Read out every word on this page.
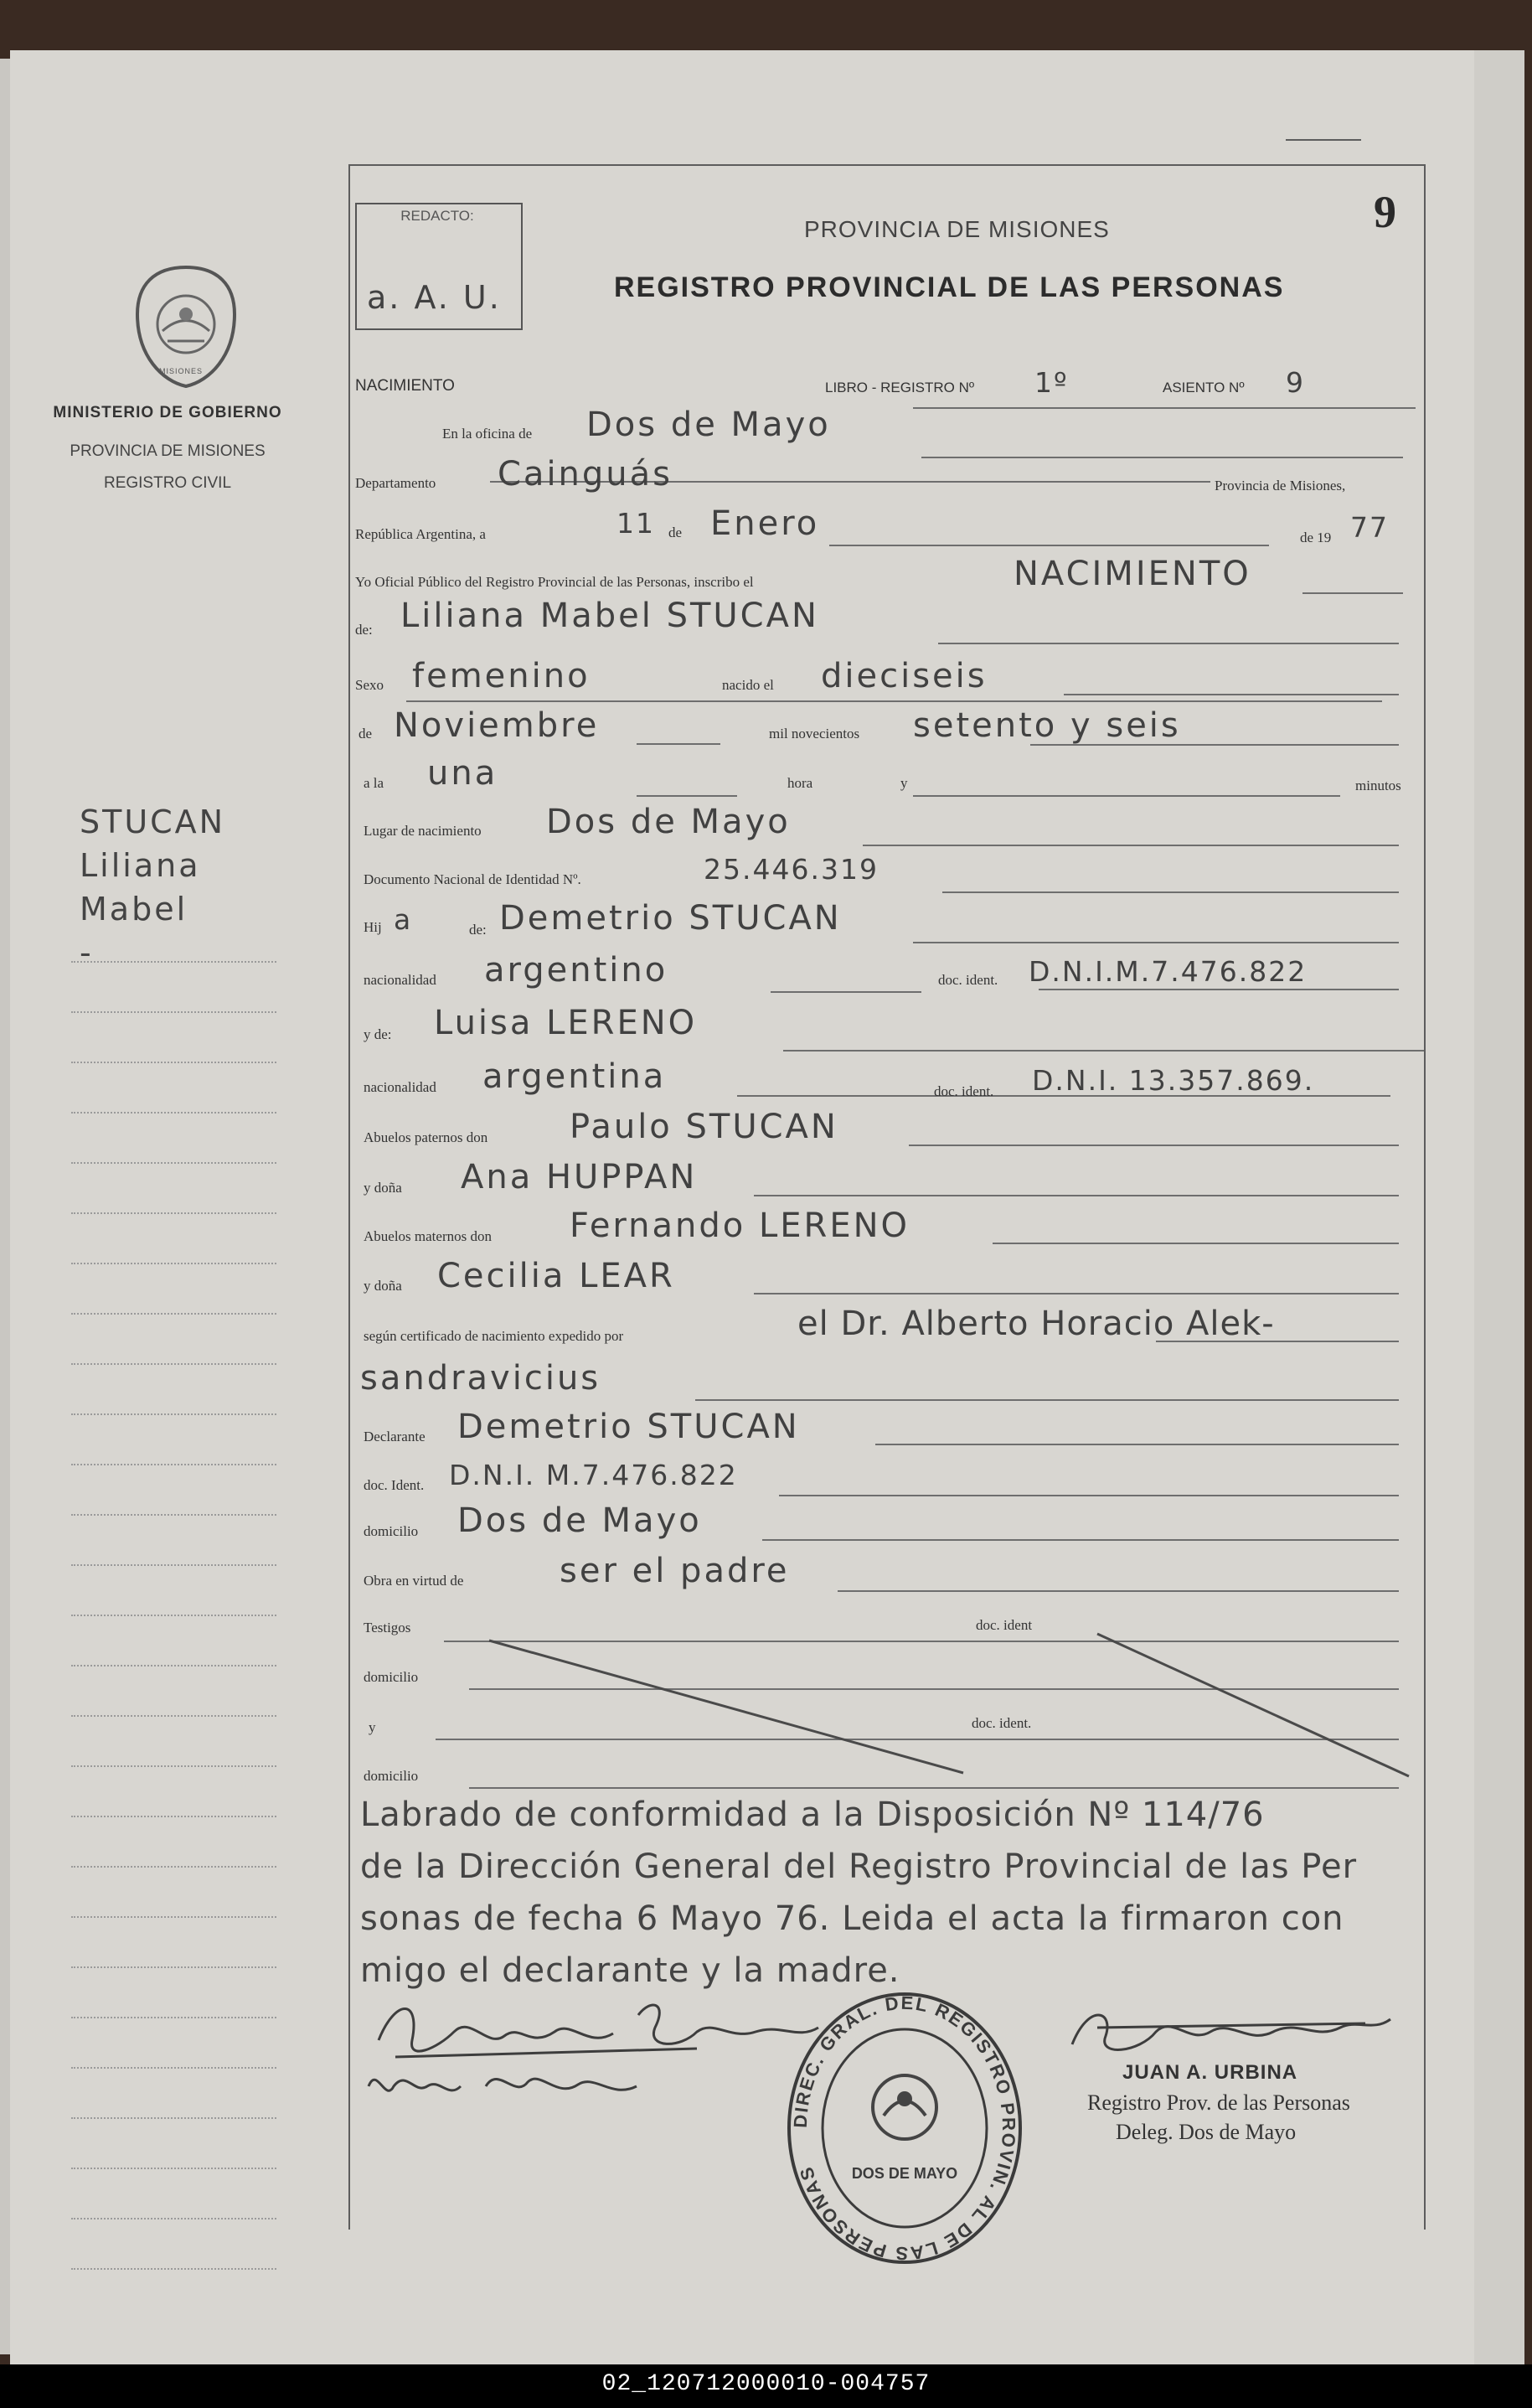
REDACTO:
a. A. U.
9
PROVINCIA DE MISIONES
REGISTRO PROVINCIAL DE LAS PERSONAS
MISIONES
MINISTERIO DE GOBIERNO
PROVINCIA DE MISIONES
REGISTRO CIVIL
STUCAN
Liliana
Mabel
-
NACIMIENTO	LIBRO - REGISTRO Nº 1º	ASIENTO Nº 9
En la oficina de Dos de Mayo
Departamento Cainguás	Provincia de Misiones,
República Argentina, a	11 de Enero	de 19 77
Yo Oficial Público del Registro Provincial de las Personas, inscribo el	NACIMIENTO
de: Liliana Mabel STUCAN
Sexo femenino	nacido el dieciseis
de Noviembre	mil novecientos setento y seis
a la una	hora	y	minutos
Lugar de nacimiento Dos de Mayo
Documento Nacional de Identidad Nº.	25.446.319
Hij a	de: Demetrio STUCAN
nacionalidad argentino	doc. ident. D.N.I.M.7.476.822
y de: Luisa LERENO
nacionalidad argentina	doc. ident. D.N.I. 13.357.869.
Abuelos paternos don Paulo STUCAN
y doña Ana HUPPAN
Abuelos maternos don Fernando LERENO
y doña Cecilia LEAR
según certificado de nacimiento expedido por	el Dr. Alberto Horacio Alek-
sandravicius
Declarante Demetrio STUCAN
doc. Ident. D.N.I. M.7.476.822
domicilio Dos de Mayo
Obra en virtud de	ser el padre
Testigos	doc. ident
domicilio
y	doc. ident.
domicilio
Labrado de conformidad a la Disposición Nº 114/76
de la Dirección General del Registro Provincial de las Per
sonas de fecha 6 Mayo 76. Leida el acta la firmaron con
migo el declarante y la madre.
DIREC. GRAL. DEL REGISTRO PROVIN. AL DE LAS PERSONAS	DOS DE MAYO
JUAN A. URBINA
Registro Prov. de las Personas
Deleg. Dos de Mayo
02_120712000010-004757
